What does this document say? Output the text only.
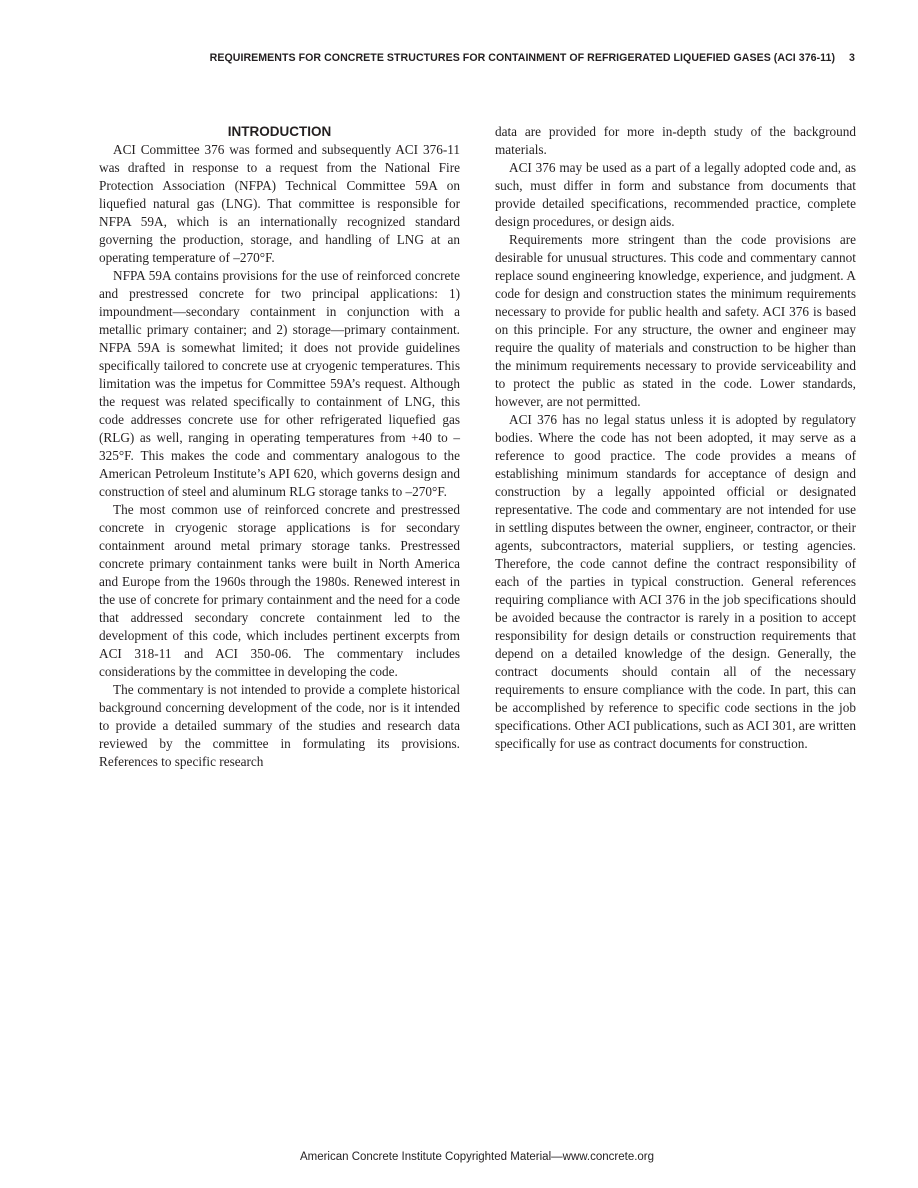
REQUIREMENTS FOR CONCRETE STRUCTURES FOR CONTAINMENT OF REFRIGERATED LIQUEFIED GASES (ACI 376-11) 3
INTRODUCTION

ACI Committee 376 was formed and subsequently ACI 376-11 was drafted in response to a request from the National Fire Protection Association (NFPA) Technical Committee 59A on liquefied natural gas (LNG). That committee is responsible for NFPA 59A, which is an internationally recognized standard governing the production, storage, and handling of LNG at an operating temperature of –270°F.

NFPA 59A contains provisions for the use of reinforced concrete and prestressed concrete for two principal applications: 1) impoundment—secondary containment in conjunction with a metallic primary container; and 2) storage—primary containment. NFPA 59A is somewhat limited; it does not provide guidelines specifically tailored to concrete use at cryogenic temperatures. This limitation was the impetus for Committee 59A’s request. Although the request was related specifically to containment of LNG, this code addresses concrete use for other refrigerated liquefied gas (RLG) as well, ranging in operating temperatures from +40 to –325°F. This makes the code and commentary analogous to the American Petroleum Institute’s API 620, which governs design and construction of steel and aluminum RLG storage tanks to –270°F.

The most common use of reinforced concrete and prestressed concrete in cryogenic storage applications is for secondary containment around metal primary storage tanks. Prestressed concrete primary containment tanks were built in North America and Europe from the 1960s through the 1980s. Renewed interest in the use of concrete for primary containment and the need for a code that addressed secondary concrete containment led to the development of this code, which includes pertinent excerpts from ACI 318-11 and ACI 350-06. The commentary includes considerations by the committee in developing the code.

The commentary is not intended to provide a complete historical background concerning development of the code, nor is it intended to provide a detailed summary of the studies and research data reviewed by the committee in formulating its provisions. References to specific research

data are provided for more in-depth study of the background materials.

ACI 376 may be used as a part of a legally adopted code and, as such, must differ in form and substance from documents that provide detailed specifications, recommended practice, complete design procedures, or design aids.

Requirements more stringent than the code provisions are desirable for unusual structures. This code and commentary cannot replace sound engineering knowledge, experience, and judgment. A code for design and construction states the minimum requirements necessary to provide for public health and safety. ACI 376 is based on this principle. For any structure, the owner and engineer may require the quality of materials and construction to be higher than the minimum requirements necessary to provide serviceability and to protect the public as stated in the code. Lower standards, however, are not permitted.

ACI 376 has no legal status unless it is adopted by regulatory bodies. Where the code has not been adopted, it may serve as a reference to good practice. The code provides a means of establishing minimum standards for acceptance of design and construction by a legally appointed official or designated representative. The code and commentary are not intended for use in settling disputes between the owner, engineer, contractor, or their agents, subcontractors, material suppliers, or testing agencies. Therefore, the code cannot define the contract responsibility of each of the parties in typical construction. General references requiring compliance with ACI 376 in the job specifications should be avoided because the contractor is rarely in a position to accept responsibility for design details or construction requirements that depend on a detailed knowledge of the design. Generally, the contract documents should contain all of the necessary requirements to ensure compliance with the code. In part, this can be accomplished by reference to specific code sections in the job specifications. Other ACI publications, such as ACI 301, are written specifically for use as contract documents for construction.

American Concrete Institute Copyrighted Material—www.concrete.org
